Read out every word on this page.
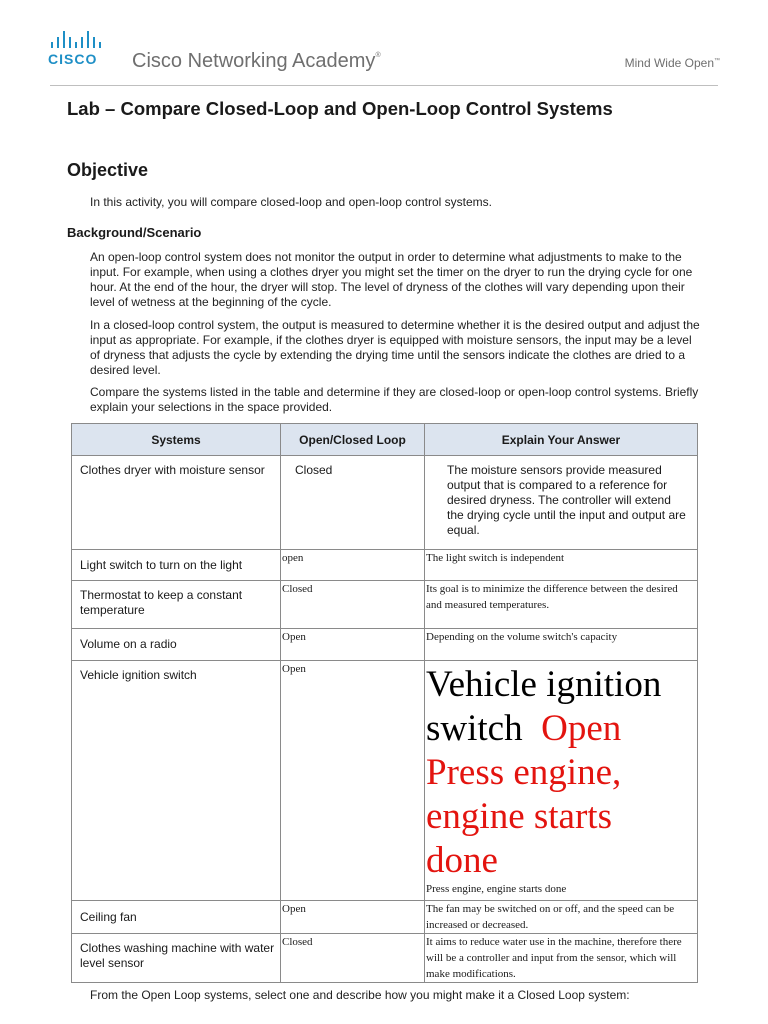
CISCO Cisco Networking Academy®
Mind Wide Open™
Lab – Compare Closed-Loop and Open-Loop Control Systems
Objective

In this activity, you will compare closed-loop and open-loop control systems.

Background/Scenario

An open-loop control system does not monitor the output in order to determine what adjustments to make to the input. For example, when using a clothes dryer you might set the timer on the dryer to run the drying cycle for one hour. At the end of the hour, the dryer will stop. The level of dryness of the clothes will vary depending upon their level of wetness at the beginning of the cycle.

In a closed-loop control system, the output is measured to determine whether it is the desired output and adjust the input as appropriate. For example, if the clothes dryer is equipped with moisture sensors, the input may be a level of dryness that adjusts the cycle by extending the drying time until the sensors indicate the clothes are dried to a desired level.

Compare the systems listed in the table and determine if they are closed-loop or open-loop control systems. Briefly explain your selections in the space provided.

Systems	Open/Closed Loop	Explain Your Answer
Clothes dryer with moisture sensor	Closed	The moisture sensors provide measured output that is compared to a reference for desired dryness. The controller will extend the drying cycle until the input and output are equal.
Light switch to turn on the light	open	The light switch is independent
Thermostat to keep a constant temperature	Closed	Its goal is to minimize the difference between the desired and measured temperatures.
Volume on a radio	Open	Depending on the volume switch's capacity
Vehicle ignition switch	Open	Vehicle ignition switch Open
Press engine, engine starts done
Press engine, engine starts done

Ceiling fan	Open	The fan may be switched on or off, and the speed can be increased or decreased.
Clothes washing machine with water level sensor	Closed	It aims to reduce water use in the machine, therefore there will be a controller and input from the sensor, which will make modifications.
From the Open Loop systems, select one and describe how you might make it a Closed Loop system:
